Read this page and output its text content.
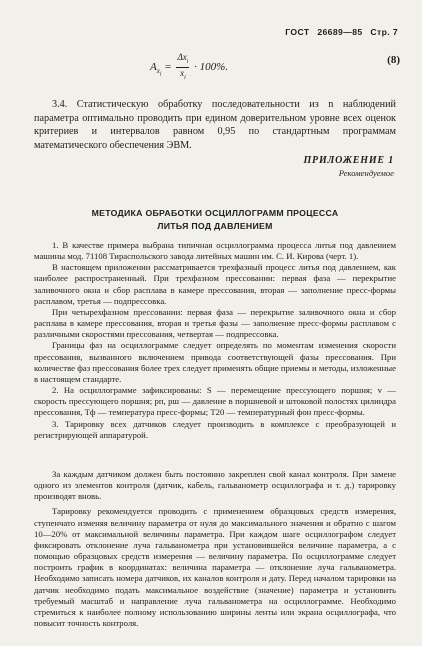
ГОСТ 26689—85 Стр. 7
$A_{x_i} = \frac{\Delta x_i}{x_i} \cdot 100\%$.
(8)

3.4. Статистическую обработку последовательности из n наблюдений параметра оптимально проводить при едином доверительном уровне всех оценок критериев и интервалов равном 0,95 по стандартным программам математического обеспечения ЭВМ.

ПРИЛОЖЕНИЕ 1
Рекомендуемое
МЕТОДИКА ОБРАБОТКИ ОСЦИЛЛОГРАММ ПРОЦЕССА
ЛИТЬЯ ПОД ДАВЛЕНИЕМ

1. В качестве примера выбрана типичная осциллограмма процесса литья под давлением машины мод. 71108 Тираспольского завода литейных машин им. С. И. Кирова (черт. 1).

В настоящем приложении рассматривается трехфазный процесс литья под давлением, как наиболее распространенный. При трехфазном прессовании: первая фаза — перекрытие заливочного окна и сбор расплава в камере прессования, вторая — заполнение пресс-формы расплавом, третья — подпрессовка.

При четырехфазном прессовании: первая фаза — перекрытие заливочного окна и сбор расплава в камере прессования, вторая и третья фазы — заполнение пресс-формы расплавом с различными скоростями прессования, четвертая — подпрессовка.

Границы фаз на осциллограмме следует определять по моментам изменения скорости прессования, вызванного включением привода соответствующей фазы прессования. При количестве фаз прессования более трех следует применять общие приемы и методы, изложенные в настоящем стандарте.

2. На осциллограмме зафиксированы: S — перемещение прессующего поршня; v — скорость прессующего поршня; pп, pш — давление в поршневой и штоковой полостях цилиндра прессования, Tф — температура пресс-формы; T20 — температурный фон пресс-формы.

3. Тарировку всех датчиков следует производить в комплексе с преобразующей и регистрирующей аппаратурой.

За каждым датчиком должен быть постоянно закреплен свой канал контроля. При замене одного из элементов контроля (датчик, кабель, гальванометр осциллографа и т. д.) тарировку производят вновь.

Тарировку рекомендуется проводить с применением образцовых средств измерения, ступенчато изменяя величину параметра от нуля до максимального значения и обратно с шагом 10—20% от максимальной величины параметра. При каждом шаге осциллографом следует фиксировать отклонение луча гальванометра при установившейся величине параметра, а с помощью образцовых средств измерения — величину параметра. По осциллограмме следует построить график в координатах: величина параметра — отклонение луча гальванометра. Необходимо записать номера датчиков, их каналов контроля и дату. Перед началом тарировки на датчик необходимо подать максимальное воздействие (значение) параметра и установить требуемый масштаб и направление луча гальванометра на осциллограмме. Необходимо стремиться к наиболее полному использованию ширины ленты или экрана осциллографа, что повысит точность контроля.
